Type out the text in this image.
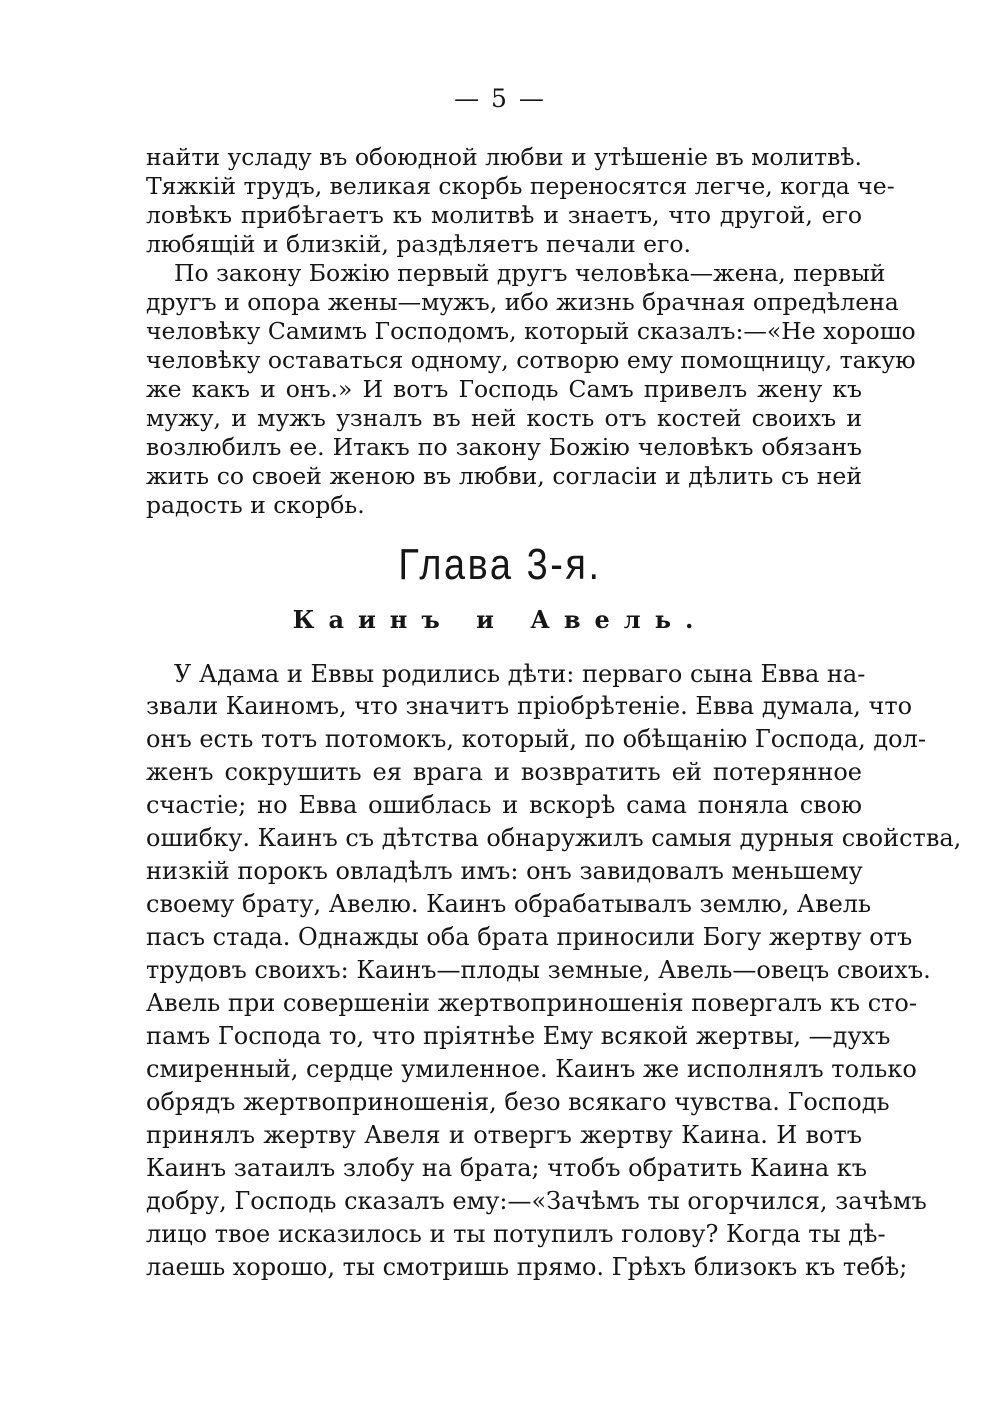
— 5 —

найти усладу въ обоюдной любви и утѣшеніе въ молитвѣ.

Тяжкій трудъ, великая скорбь переносятся легче, когда че-

ловѣкъ прибѣгаетъ къ молитвѣ и знаетъ, что другой, его

любящій и близкій, раздѣляетъ печали его.

По закону Божію первый другъ человѣка—жена, первый

другъ и опора жены—мужъ, ибо жизнь брачная опредѣлена

человѣку Самимъ Господомъ, который сказалъ:—«Не хорошо

человѣку оставаться одному, сотворю ему помощницу, такую

же какъ и онъ.» И вотъ Господь Самъ привелъ жену къ

мужу, и мужъ узналъ въ ней кость отъ костей своихъ и

возлюбилъ ее. Итакъ по закону Божію человѣкъ обязанъ

жить со своей женою въ любви, согласіи и дѣлить съ ней

радость и скорбь.

Глава 3-я.
Каинъ и Авель.

У Адама и Еввы родились дѣти: перваго сына Евва на-

звали Каиномъ, что значитъ пріобрѣтеніе. Евва думала, что

онъ есть тотъ потомокъ, который, по обѣщанію Господа, дол-

женъ сокрушить ея врага и возвратить ей потерянное

счастіе; но Евва ошиблась и вскорѣ сама поняла свою

ошибку. Каинъ съ дѣтства обнаружилъ самыя дурныя свойства,

низкій порокъ овладѣлъ имъ: онъ завидовалъ меньшему

своему брату, Авелю. Каинъ обрабатывалъ землю, Авель

пасъ стада. Однажды оба брата приносили Богу жертву отъ

трудовъ своихъ: Каинъ—плоды земные, Авель—овецъ своихъ.

Авель при совершеніи жертвоприношенія повергалъ къ сто-

памъ Господа то, что пріятнѣе Ему всякой жертвы, —духъ

смиренный, сердце умиленное. Каинъ же исполнялъ только

обрядъ жертвоприношенія, безо всякаго чувства. Господь

принялъ жертву Авеля и отвергъ жертву Каина. И вотъ

Каинъ затаилъ злобу на брата; чтобъ обратить Каина къ

добру, Господь сказалъ ему:—«Зачѣмъ ты огорчился, зачѣмъ

лицо твое исказилось и ты потупилъ голову? Когда ты дѣ-

лаешь хорошо, ты смотришь прямо. Грѣхъ близокъ къ тебѣ;
